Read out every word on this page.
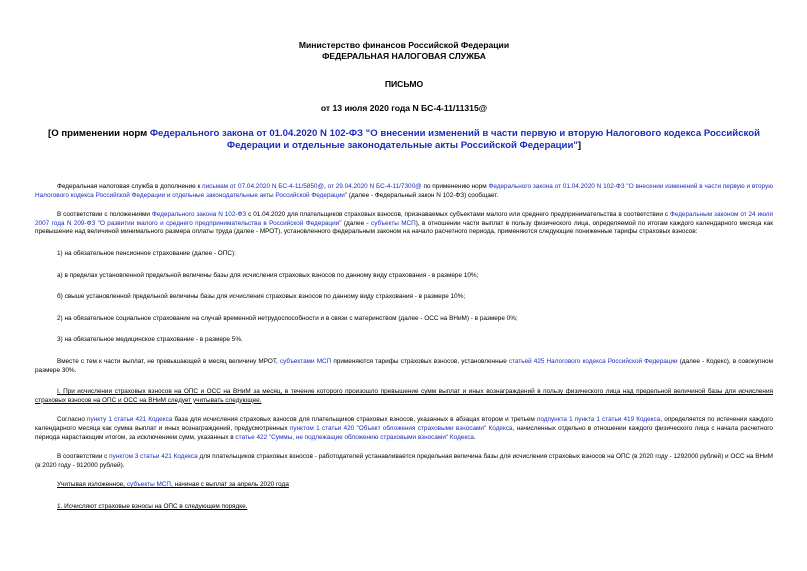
Министерство финансов Российской Федерации
ФЕДЕРАЛЬНАЯ НАЛОГОВАЯ СЛУЖБА
ПИСЬМО
от 13 июля 2020 года N БС-4-11/11315@
[О применении норм Федерального закона от 01.04.2020 N 102-ФЗ "О внесении изменений в части первую и вторую Налогового кодекса Российской Федерации и отдельные законодательные акты Российской Федерации"]

Федеральная налоговая служба в дополнение к письмам от 07.04.2020 N БС-4-11/5850@, от 29.04.2020 N БС-4-11/7300@ по применению норм Федерального закона от 01.04.2020 N 102-ФЗ "О внесении изменений в части первую и вторую Налогового кодекса Российской Федерации и отдельные законодательные акты Российской Федерации" (далее - Федеральный закон N 102-ФЗ) сообщает.

В соответствии с положениями Федерального закона N 102-ФЗ с 01.04.2020 для плательщиков страховых взносов, признаваемых субъектами малого или среднего предпринимательства в соответствии с Федеральным законом от 24 июля 2007 года N 209-ФЗ "О развитии малого и среднего предпринимательства в Российской Федерации" (далее - субъекты МСП), в отношении части выплат в пользу физического лица, определяемой по итогам каждого календарного месяца как превышение над величиной минимального размера оплаты труда (далее - МРОТ), установленного федеральным законом на начало расчетного периода, применяются следующие пониженные тарифы страховых взносов:

1) на обязательное пенсионное страхование (далее - ОПС):

а) в пределах установленной предельной величины базы для исчисления страховых взносов по данному виду страхования - в размере 10%;

б) свыше установленной предельной величины базы для исчисления страховых взносов по данному виду страхования - в размере 10%;

2) на обязательное социальное страхование на случай временной нетрудоспособности и в связи с материнством (далее - ОСС на ВНиМ) - в размере 0%;

3) на обязательное медицинское страхование - в размере 5%.

Вместе с тем к части выплат, не превышающей в месяц величину МРОТ, субъектами МСП применяются тарифы страховых взносов, установленные статьей 425 Налогового кодекса Российской Федерации (далее - Кодекс), в совокупном размере 30%.

I. При исчислении страховых взносов на ОПС и ОСС на ВНиМ за месяц, в течение которого произошло превышение сумм выплат и иных вознаграждений в пользу физического лица над предельной величиной базы для исчисления страховых взносов на ОПС и ОСС на ВНиМ следует учитывать следующее.

Согласно пункту 1 статьи 421 Кодекса база для исчисления страховых взносов для плательщиков страховых взносов, указанных в абзацах втором и третьем подпункта 1 пункта 1 статьи 419 Кодекса, определяется по истечении каждого календарного месяца как сумма выплат и иных вознаграждений, предусмотренных пунктом 1 статьи 420 "Объект обложения страховыми взносами" Кодекса, начисленных отдельно в отношении каждого физического лица с начала расчетного периода нарастающим итогом, за исключением сумм, указанных в статье 422 "Суммы, не подлежащие обложению страховыми взносами" Кодекса.

В соответствии с пунктом 3 статьи 421 Кодекса для плательщиков страховых взносов - работодателей устанавливается предельная величина базы для исчисления страховых взносов на ОПС (в 2020 году - 1292000 рублей) и ОСС на ВНиМ (в 2020 году - 912000 рублей).

Учитывая изложенное, субъекты МСП, начиная с выплат за апрель 2020 года

1. Исчисляют страховые взносы на ОПС в следующем порядке.
